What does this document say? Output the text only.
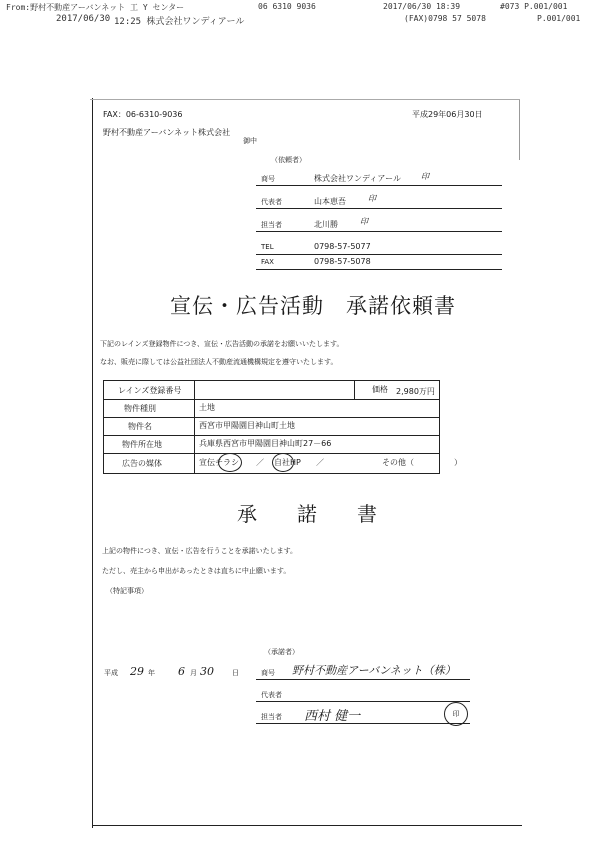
From:野村不動産アーバンネット 工 Y センター	06 6310 9036	2017/06/30 18:39	#073 P.001/001
2017/06/30 12:25 株式会社ワンディアール	(FAX)0798 57 5078	P.001/001
FAX：06-6310-9036	平成29年06月30日
野村不動産アーバンネット株式会社
御中
（依頼者）
商号	株式会社ワンディアール	印
代表者	山本恵吾	印
担当者	北川勝	印
TEL	0798-57-5077
FAX	0798-57-5078
宣伝・広告活動　承諾依頼書
下記のレインズ登録物件につき、宣伝・広告活動の承諾をお願いいたします。
なお、販売に際しては公益社団法人不動産流通機構規定を遵守いたします。
レインズ登録番号	価格 2,980万円
物件種別	土地
物件名	西宮市甲陽園目神山町土地
物件所在地	兵庫県西宮市甲陽園目神山町27－66
広告の媒体	宣伝チラシ ／ 自社HP ／	その他（　　　　　）
承　　諾　　書
上記の物件につき、宣伝・広告を行うことを承諾いたします。
ただし、売主から申出があったときは直ちに中止願います。
（特記事項）
（承諾者）
平成 29 年 6 月 30	日	商号 野村不動産アーバンネット（株）
代表者
担当者 西村 健一	印
